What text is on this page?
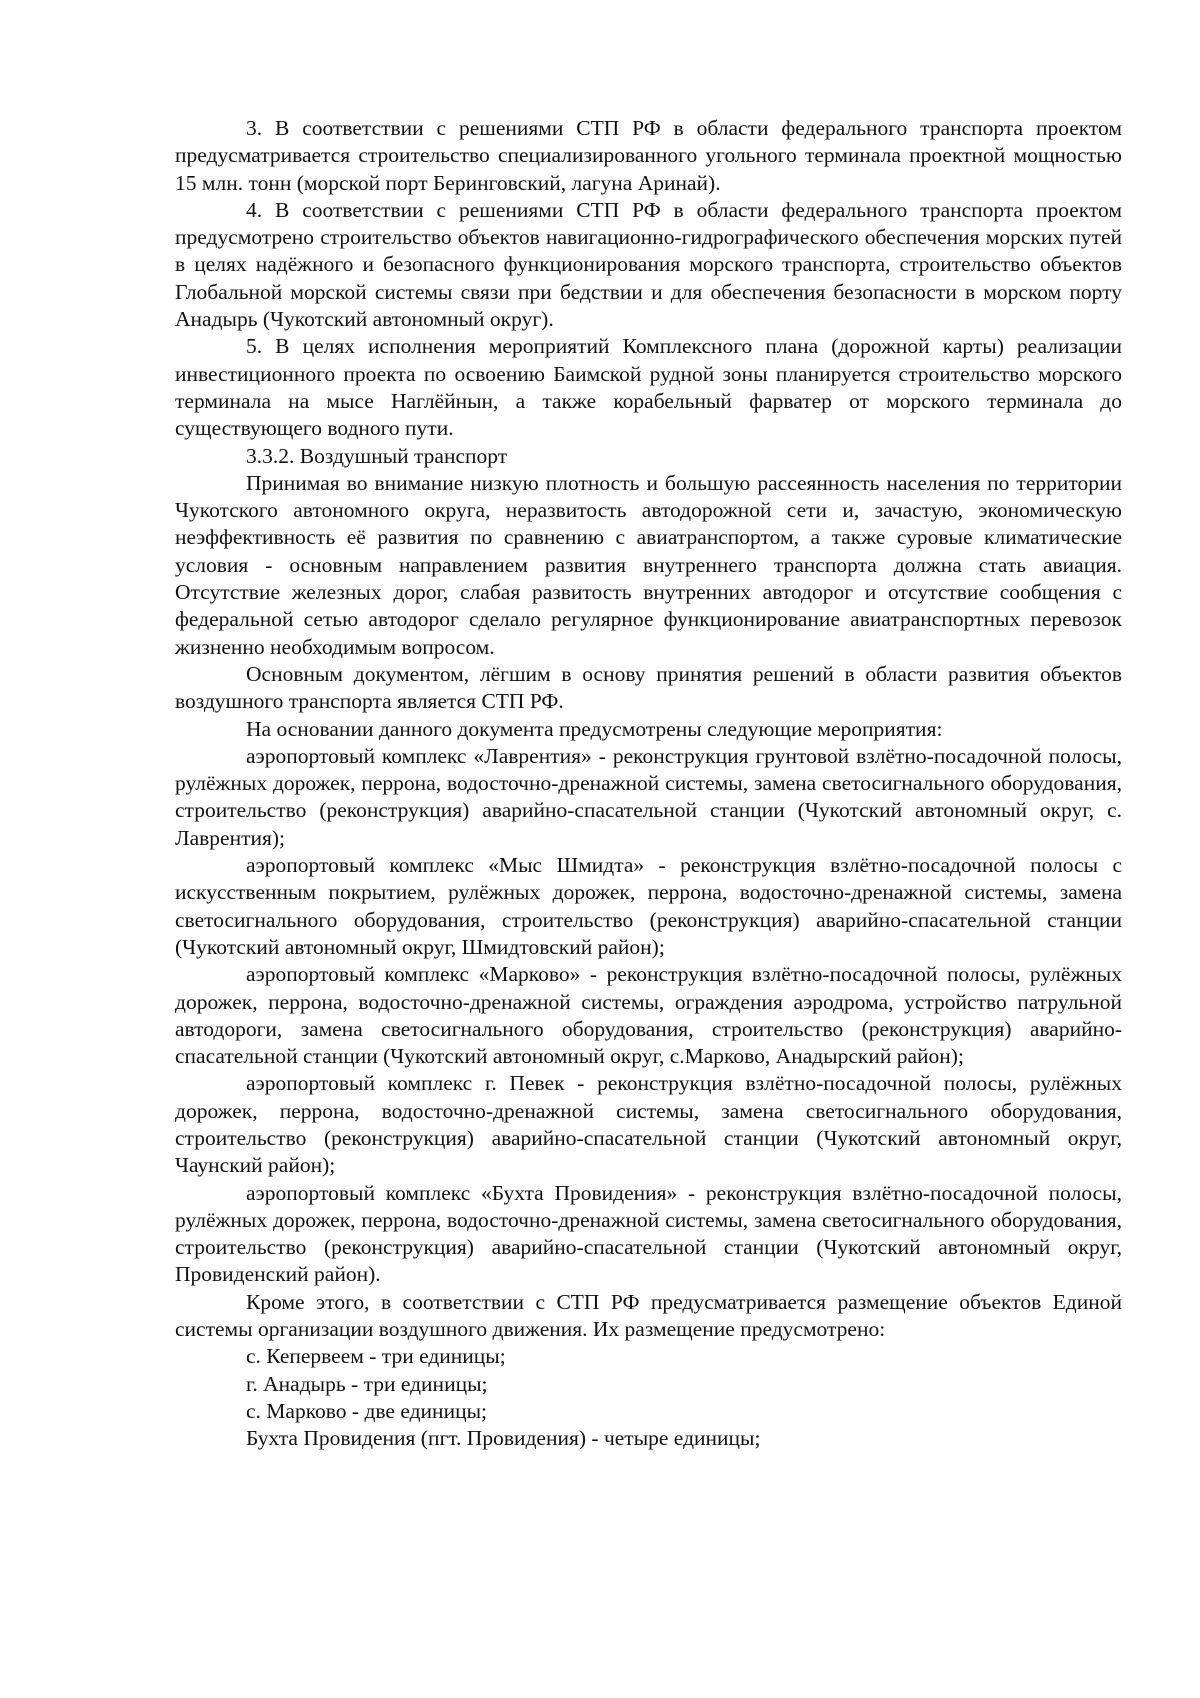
3. В соответствии с решениями СТП РФ в области федерального транспорта проектом предусматривается строительство специализированного угольного терминала проектной мощностью 15 млн. тонн (морской порт Беринговский, лагуна Аринай).

4. В соответствии с решениями СТП РФ в области федерального транспорта проектом предусмотрено строительство объектов навигационно-гидрографического обеспечения морских путей в целях надёжного и безопасного функционирования морского транспорта, строительство объектов Глобальной морской системы связи при бедствии и для обеспечения безопасности в морском порту Анадырь (Чукотский автономный округ).

5. В целях исполнения мероприятий Комплексного плана (дорожной карты) реализации инвестиционного проекта по освоению Баимской рудной зоны планируется строительство морского терминала на мысе Наглёйнын, а также корабельный фарватер от морского терминала до существующего водного пути.

3.3.2. Воздушный транспорт

Принимая во внимание низкую плотность и большую рассеянность населения по территории Чукотского автономного округа, неразвитость автодорожной сети и, зачастую, экономическую неэффективность её развития по сравнению с авиатранспортом, а также суровые климатические условия - основным направлением развития внутреннего транспорта должна стать авиация. Отсутствие железных дорог, слабая развитость внутренних автодорог и отсутствие сообщения с федеральной сетью автодорог сделало регулярное функционирование авиатранспортных перевозок жизненно необходимым вопросом.

Основным документом, лёгшим в основу принятия решений в области развития объектов воздушного транспорта является СТП РФ.

На основании данного документа предусмотрены следующие мероприятия:

аэропортовый комплекс «Лаврентия» - реконструкция грунтовой взлётно-посадочной полосы, рулёжных дорожек, перрона, водосточно-дренажной системы, замена светосигнального оборудования, строительство (реконструкция) аварийно-спасательной станции (Чукотский автономный округ, с. Лаврентия);

аэропортовый комплекс «Мыс Шмидта» - реконструкция взлётно-посадочной полосы с искусственным покрытием, рулёжных дорожек, перрона, водосточно-дренажной системы, замена светосигнального оборудования, строительство (реконструкция) аварийно-спасательной станции (Чукотский автономный округ, Шмидтовский район);

аэропортовый комплекс «Марково» - реконструкция взлётно-посадочной полосы, рулёжных дорожек, перрона, водосточно-дренажной системы, ограждения аэродрома, устройство патрульной автодороги, замена светосигнального оборудования, строительство (реконструкция) аварийно-спасательной станции (Чукотский автономный округ, с.Марково, Анадырский район);

аэропортовый комплекс г. Певек - реконструкция взлётно-посадочной полосы, рулёжных дорожек, перрона, водосточно-дренажной системы, замена светосигнального оборудования, строительство (реконструкция) аварийно-спасательной станции (Чукотский автономный округ, Чаунский район);

аэропортовый комплекс «Бухта Провидения» - реконструкция взлётно-посадочной полосы, рулёжных дорожек, перрона, водосточно-дренажной системы, замена светосигнального оборудования, строительство (реконструкция) аварийно-спасательной станции (Чукотский автономный округ, Провиденский район).

Кроме этого, в соответствии с СТП РФ предусматривается размещение объектов Единой системы организации воздушного движения. Их размещение предусмотрено:

с. Кепервеем - три единицы;

г. Анадырь - три единицы;

с. Марково - две единицы;

Бухта Провидения (пгт. Провидения) - четыре единицы;
